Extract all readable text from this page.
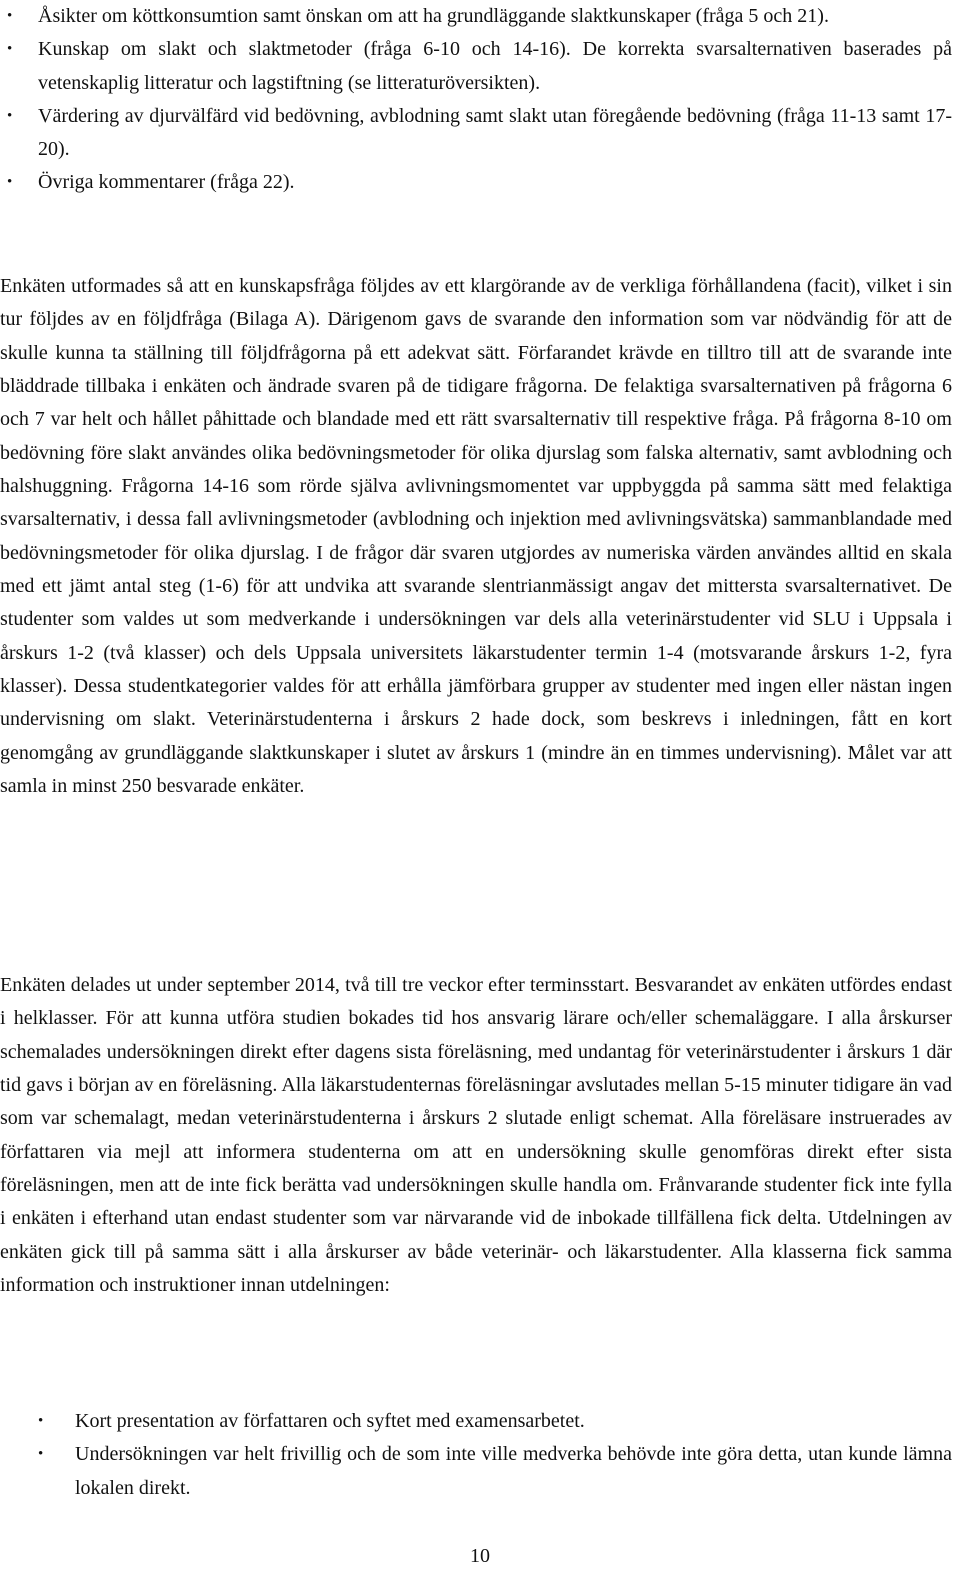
• Åsikter om köttkonsumtion samt önskan om att ha grundläggande slaktkunskaper (fråga 5 och 21).
• Kunskap om slakt och slaktmetoder (fråga 6-10 och 14-16). De korrekta svarsalternativen baserades på vetenskaplig litteratur och lagstiftning (se litteraturöversikten).
• Värdering av djurvälfärd vid bedövning, avblodning samt slakt utan föregående bedövning (fråga 11-13 samt 17-20).
• Övriga kommentarer (fråga 22).

Enkäten utformades så att en kunskapsfråga följdes av ett klargörande av de verkliga förhållandena (facit), vilket i sin tur följdes av en följdfråga (Bilaga A). Därigenom gavs de svarande den information som var nödvändig för att de skulle kunna ta ställning till följdfrågorna på ett adekvat sätt. Förfarandet krävde en tilltro till att de svarande inte bläddrade tillbaka i enkäten och ändrade svaren på de tidigare frågorna. De felaktiga svarsalternativen på frågorna 6 och 7 var helt och hållet påhittade och blandade med ett rätt svarsalternativ till respektive fråga. På frågorna 8-10 om bedövning före slakt användes olika bedövningsmetoder för olika djurslag som falska alternativ, samt avblodning och halshuggning. Frågorna 14-16 som rörde själva avlivningsmomentet var uppbyggda på samma sätt med felaktiga svarsalternativ, i dessa fall avlivningsmetoder (avblodning och injektion med avlivningsvätska) sammanblandade med bedövningsmetoder för olika djurslag. I de frågor där svaren utgjordes av numeriska värden användes alltid en skala med ett jämt antal steg (1-6) för att undvika att svarande slentrianmässigt angav det mittersta svarsalternativet. De studenter som valdes ut som medverkande i undersökningen var dels alla veterinärstudenter vid SLU i Uppsala i årskurs 1-2 (två klasser) och dels Uppsala universitets läkarstudenter termin 1-4 (motsvarande årskurs 1-2, fyra klasser). Dessa studentkategorier valdes för att erhålla jämförbara grupper av studenter med ingen eller nästan ingen undervisning om slakt. Veterinärstudenterna i årskurs 2 hade dock, som beskrevs i inledningen, fått en kort genomgång av grundläggande slaktkunskaper i slutet av årskurs 1 (mindre än en timmes undervisning). Målet var att samla in minst 250 besvarade enkäter.

Enkäten delades ut under september 2014, två till tre veckor efter terminsstart. Besvarandet av enkäten utfördes endast i helklasser. För att kunna utföra studien bokades tid hos ansvarig lärare och/eller schemaläggare. I alla årskurser schemalades undersökningen direkt efter dagens sista föreläsning, med undantag för veterinärstudenter i årskurs 1 där tid gavs i början av en föreläsning. Alla läkarstudenternas föreläsningar avslutades mellan 5-15 minuter tidigare än vad som var schemalagt, medan veterinärstudenterna i årskurs 2 slutade enligt schemat. Alla föreläsare instruerades av författaren via mejl att informera studenterna om att en undersökning skulle genomföras direkt efter sista föreläsningen, men att de inte fick berätta vad undersökningen skulle handla om. Frånvarande studenter fick inte fylla i enkäten i efterhand utan endast studenter som var närvarande vid de inbokade tillfällena fick delta. Utdelningen av enkäten gick till på samma sätt i alla årskurser av både veterinär- och läkarstudenter. Alla klasserna fick samma information och instruktioner innan utdelningen:

• Kort presentation av författaren och syftet med examensarbetet.
• Undersökningen var helt frivillig och de som inte ville medverka behövde inte göra detta, utan kunde lämna lokalen direkt.
10
